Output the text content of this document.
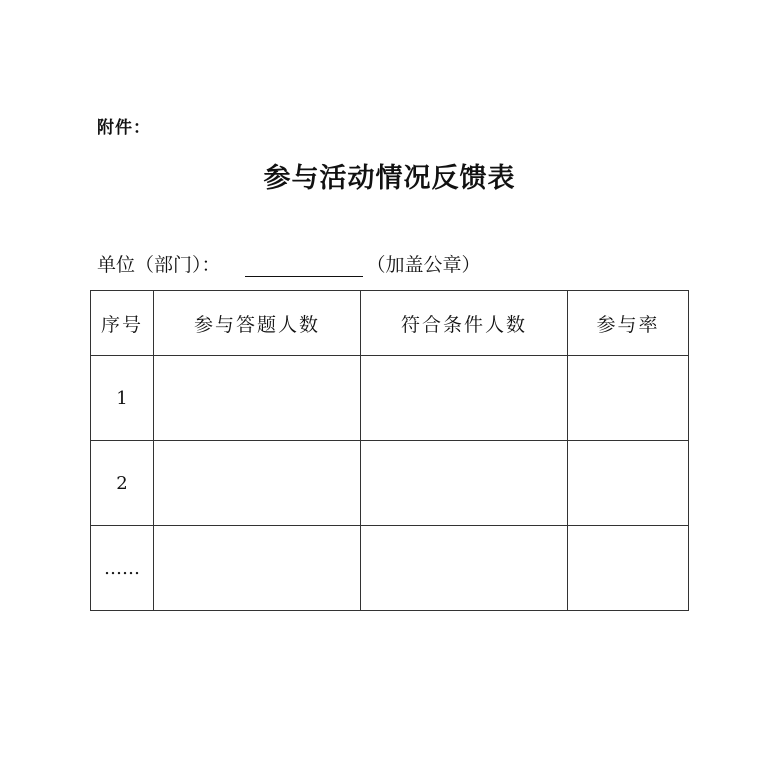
附件：
参与活动情况反馈表
单位（部门）：	（加盖公章）
序号	参与答题人数	符合条件人数	参与率
1			
2			
……			
